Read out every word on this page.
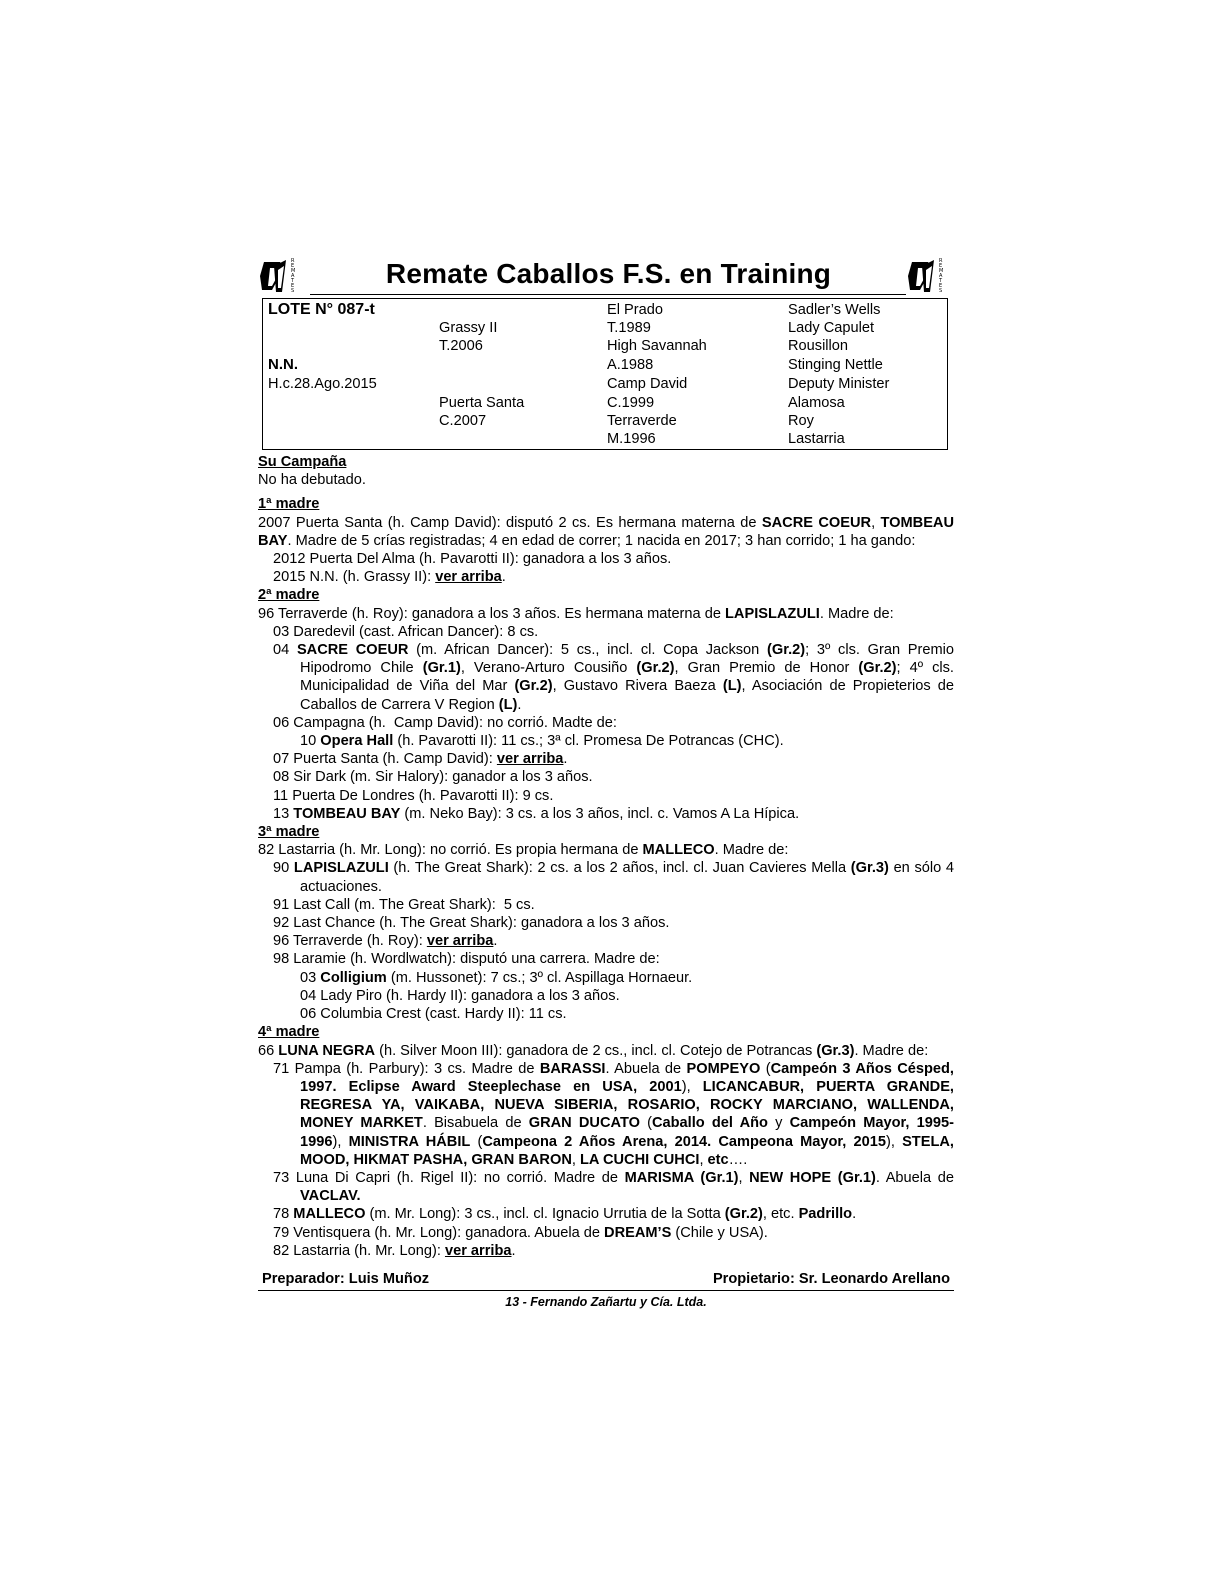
R
E
M
A
T
E
S
Remate Caballos F.S. en Training	R
E
M
A
T
E
S
LOTE N° 087-t
N.N.
H.c.28.Ago.2015
Grassy II
T.2006
Puerta Santa
C.2007
El Prado
T.1989
High Savannah
A.1988
Camp David
C.1999
Terraverde
M.1996
Sadler’s Wells
Lady Capulet
Rousillon
Stinging Nettle
Deputy Minister
Alamosa
Roy
Lastarria
Su Campaña
No ha debutado.
1ª madre

2007 Puerta Santa (h. Camp David): disputó 2 cs. Es hermana materna de SACRE COEUR, TOMBEAU BAY. Madre de 5 crías registradas; 4 en edad de correr; 1 nacida en 2017; 3 han corrido; 1 ha gando:

2012 Puerta Del Alma (h. Pavarotti II): ganadora a los 3 años.

2015 N.N. (h. Grassy II): ver arriba.

2ª madre

96 Terraverde (h. Roy): ganadora a los 3 años. Es hermana materna de LAPISLAZULI. Madre de:

03 Daredevil (cast. African Dancer): 8 cs.

04 SACRE COEUR (m. African Dancer): 5 cs., incl. cl. Copa Jackson (Gr.2); 3º cls. Gran Premio Hipodromo Chile (Gr.1), Verano-Arturo Cousiño (Gr.2), Gran Premio de Honor (Gr.2); 4º cls. Municipalidad de Viña del Mar (Gr.2), Gustavo Rivera Baeza (L), Asociación de Propieterios de Caballos de Carrera V Region (L).

06 Campagna (h.  Camp David): no corrió. Madte de:

10 Opera Hall (h. Pavarotti II): 11 cs.; 3ª cl. Promesa De Potrancas (CHC).

07 Puerta Santa (h. Camp David): ver arriba.

08 Sir Dark (m. Sir Halory): ganador a los 3 años.

11 Puerta De Londres (h. Pavarotti II): 9 cs.

13 TOMBEAU BAY (m. Neko Bay): 3 cs. a los 3 años, incl. c. Vamos A La Hípica.

3ª madre

82 Lastarria (h. Mr. Long): no corrió. Es propia hermana de MALLECO. Madre de:

90 LAPISLAZULI (h. The Great Shark): 2 cs. a los 2 años, incl. cl. Juan Cavieres Mella (Gr.3) en sólo 4 actuaciones.

91 Last Call (m. The Great Shark):  5 cs.

92 Last Chance (h. The Great Shark): ganadora a los 3 años.

96 Terraverde (h. Roy): ver arriba.

98 Laramie (h. Wordlwatch): disputó una carrera. Madre de:

03 Colligium (m. Hussonet): 7 cs.; 3º cl. Aspillaga Hornaeur.

04 Lady Piro (h. Hardy II): ganadora a los 3 años.

06 Columbia Crest (cast. Hardy II): 11 cs.

4ª madre

66 LUNA NEGRA (h. Silver Moon III): ganadora de 2 cs., incl. cl. Cotejo de Potrancas (Gr.3). Madre de:

71 Pampa (h. Parbury): 3 cs. Madre de BARASSI. Abuela de POMPEYO (Campeón 3 Años Césped, 1997. Eclipse Award Steeplechase en USA, 2001), LICANCABUR, PUERTA GRANDE, REGRESA YA, VAIKABA, NUEVA SIBERIA, ROSARIO, ROCKY MARCIANO, WALLENDA, MONEY MARKET. Bisabuela de GRAN DUCATO (Caballo del Año y Campeón Mayor, 1995-1996), MINISTRA HÁBIL (Campeona 2 Años Arena, 2014. Campeona Mayor, 2015), STELA, MOOD, HIKMAT PASHA, GRAN BARON, LA CUCHI CUHCI, etc….

73 Luna Di Capri (h. Rigel II): no corrió. Madre de MARISMA (Gr.1), NEW HOPE (Gr.1). Abuela de VACLAV.

78 MALLECO (m. Mr. Long): 3 cs., incl. cl. Ignacio Urrutia de la Sotta (Gr.2), etc. Padrillo.

79 Ventisquera (h. Mr. Long): ganadora. Abuela de DREAM’S (Chile y USA).

82 Lastarria (h. Mr. Long): ver arriba.

Preparador: Luis Muñoz	Propietario: Sr. Leonardo Arellano
13 - Fernando Zañartu y Cía. Ltda.
